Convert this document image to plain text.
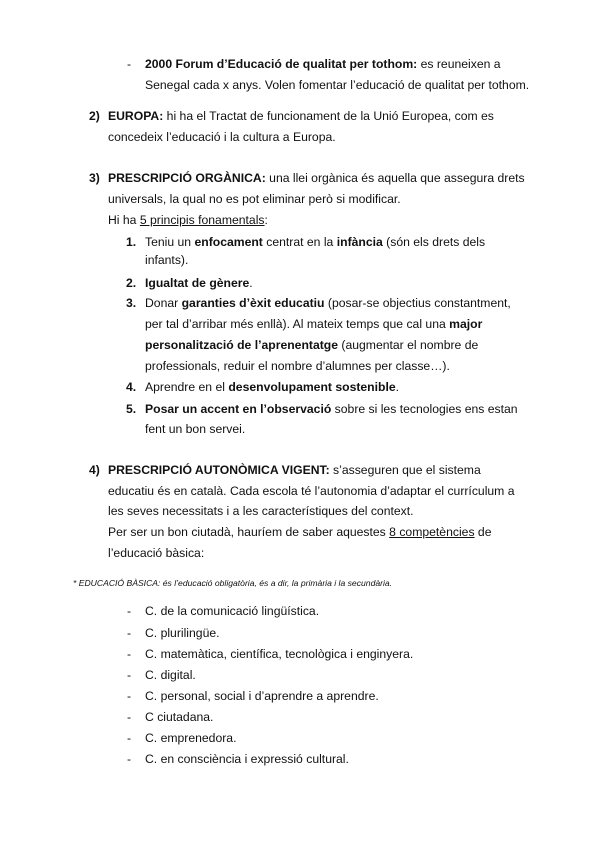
-	2000 Forum d’Educació de qualitat per tothom: es reuneixen a
Senegal cada x anys. Volen fomentar l’educació de qualitat per tothom.
2) EUROPA: hi ha el Tractat de funcionament de la Unió Europea, com es
concedeix l’educació i la cultura a Europa.
3) PRESCRIPCIÓ ORGÀNICA: una llei orgànica és aquella que assegura drets
universals, la qual no es pot eliminar però si modificar.
Hi ha 5 principis fonamentals:
1. Teniu un enfocament centrat en la infància (són els drets dels
infants).
2. Igualtat de gènere.
3. Donar garanties d’èxit educatiu (posar-se objectius constantment,
per tal d’arribar més enllà). Al mateix temps que cal una major
personalització de l’aprenentatge (augmentar el nombre de
professionals, reduir el nombre d’alumnes per classe…).
4. Aprendre en el desenvolupament sostenible.
5. Posar un accent en l’observació sobre si les tecnologies ens estan
fent un bon servei.
4) PRESCRIPCIÓ AUTONÒMICA VIGENT: s’asseguren que el sistema
educatiu és en català. Cada escola té l’autonomia d’adaptar el currículum a
les seves necessitats i a les característiques del context.
Per ser un bon ciutadà, hauríem de saber aquestes 8 competències de
l’educació bàsica:
* EDUCACIÓ BÀSICA: és l’educació obligatòria, és a dir, la primària i la secundària.
-	C. de la comunicació lingüística.
-	C. plurilingüe.
-	C. matemàtica, científica, tecnològica i enginyera.
-	C. digital.
-	C. personal, social i d’aprendre a aprendre.
-	C ciutadana.
-	C. emprenedora.
-	C. en consciència i expressió cultural.
